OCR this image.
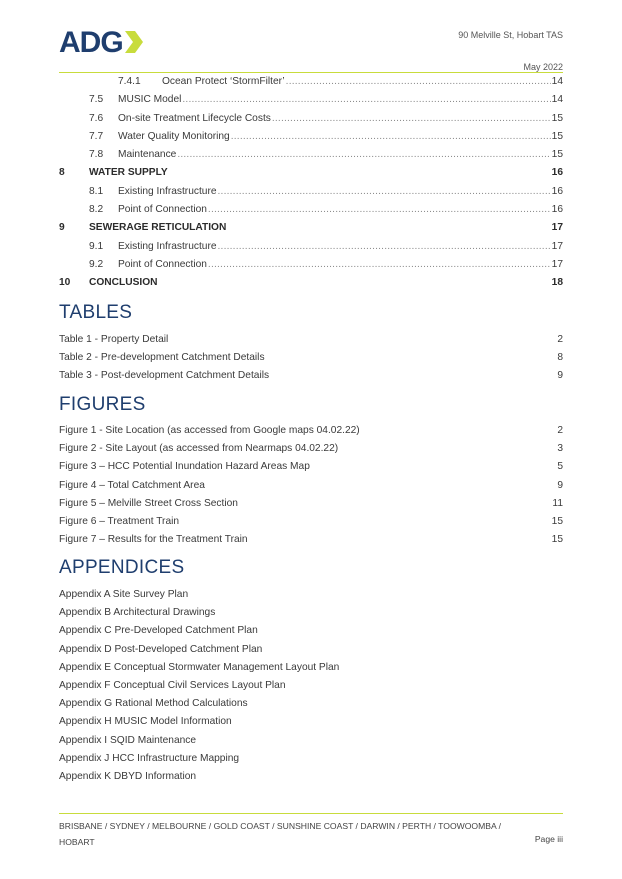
ADG	90 Melville St, Hobart TAS
May 2022
7.4.1	Ocean Protect ‘StormFilter’ .....	14
7.5	MUSIC Model .....	14
7.6	On-site Treatment Lifecycle Costs .....	15
7.7	Water Quality Monitoring .....	15
7.8	Maintenance .....	15
8	WATER SUPPLY	16
8.1	Existing Infrastructure .....	16
8.2	Point of Connection .....	16
9	SEWERAGE RETICULATION	17
9.1	Existing Infrastructure .....	17
9.2	Point of Connection .....	17
10	CONCLUSION	18
TABLES
Table 1 - Property Detail	2
Table 2 - Pre-development Catchment Details	8
Table 3 - Post-development Catchment Details	9
FIGURES
Figure 1 - Site Location (as accessed from Google maps 04.02.22)	2
Figure 2 - Site Layout (as accessed from Nearmaps 04.02.22)	3
Figure 3 – HCC Potential Inundation Hazard Areas Map	5
Figure 4 – Total Catchment Area	9
Figure 5 – Melville Street Cross Section	11
Figure 6 – Treatment Train	15
Figure 7 – Results for the Treatment Train	15
APPENDICES
Appendix A Site Survey Plan
Appendix B Architectural Drawings
Appendix C Pre-Developed Catchment Plan
Appendix D Post-Developed Catchment Plan
Appendix E Conceptual Stormwater Management Layout Plan
Appendix F Conceptual Civil Services Layout Plan
Appendix G Rational Method Calculations
Appendix H MUSIC Model Information
Appendix I SQID Maintenance
Appendix J HCC Infrastructure Mapping
Appendix K DBYD Information
BRISBANE / SYDNEY / MELBOURNE / GOLD COAST / SUNSHINE COAST / DARWIN / PERTH / TOOWOOMBA / HOBART	Page iii
